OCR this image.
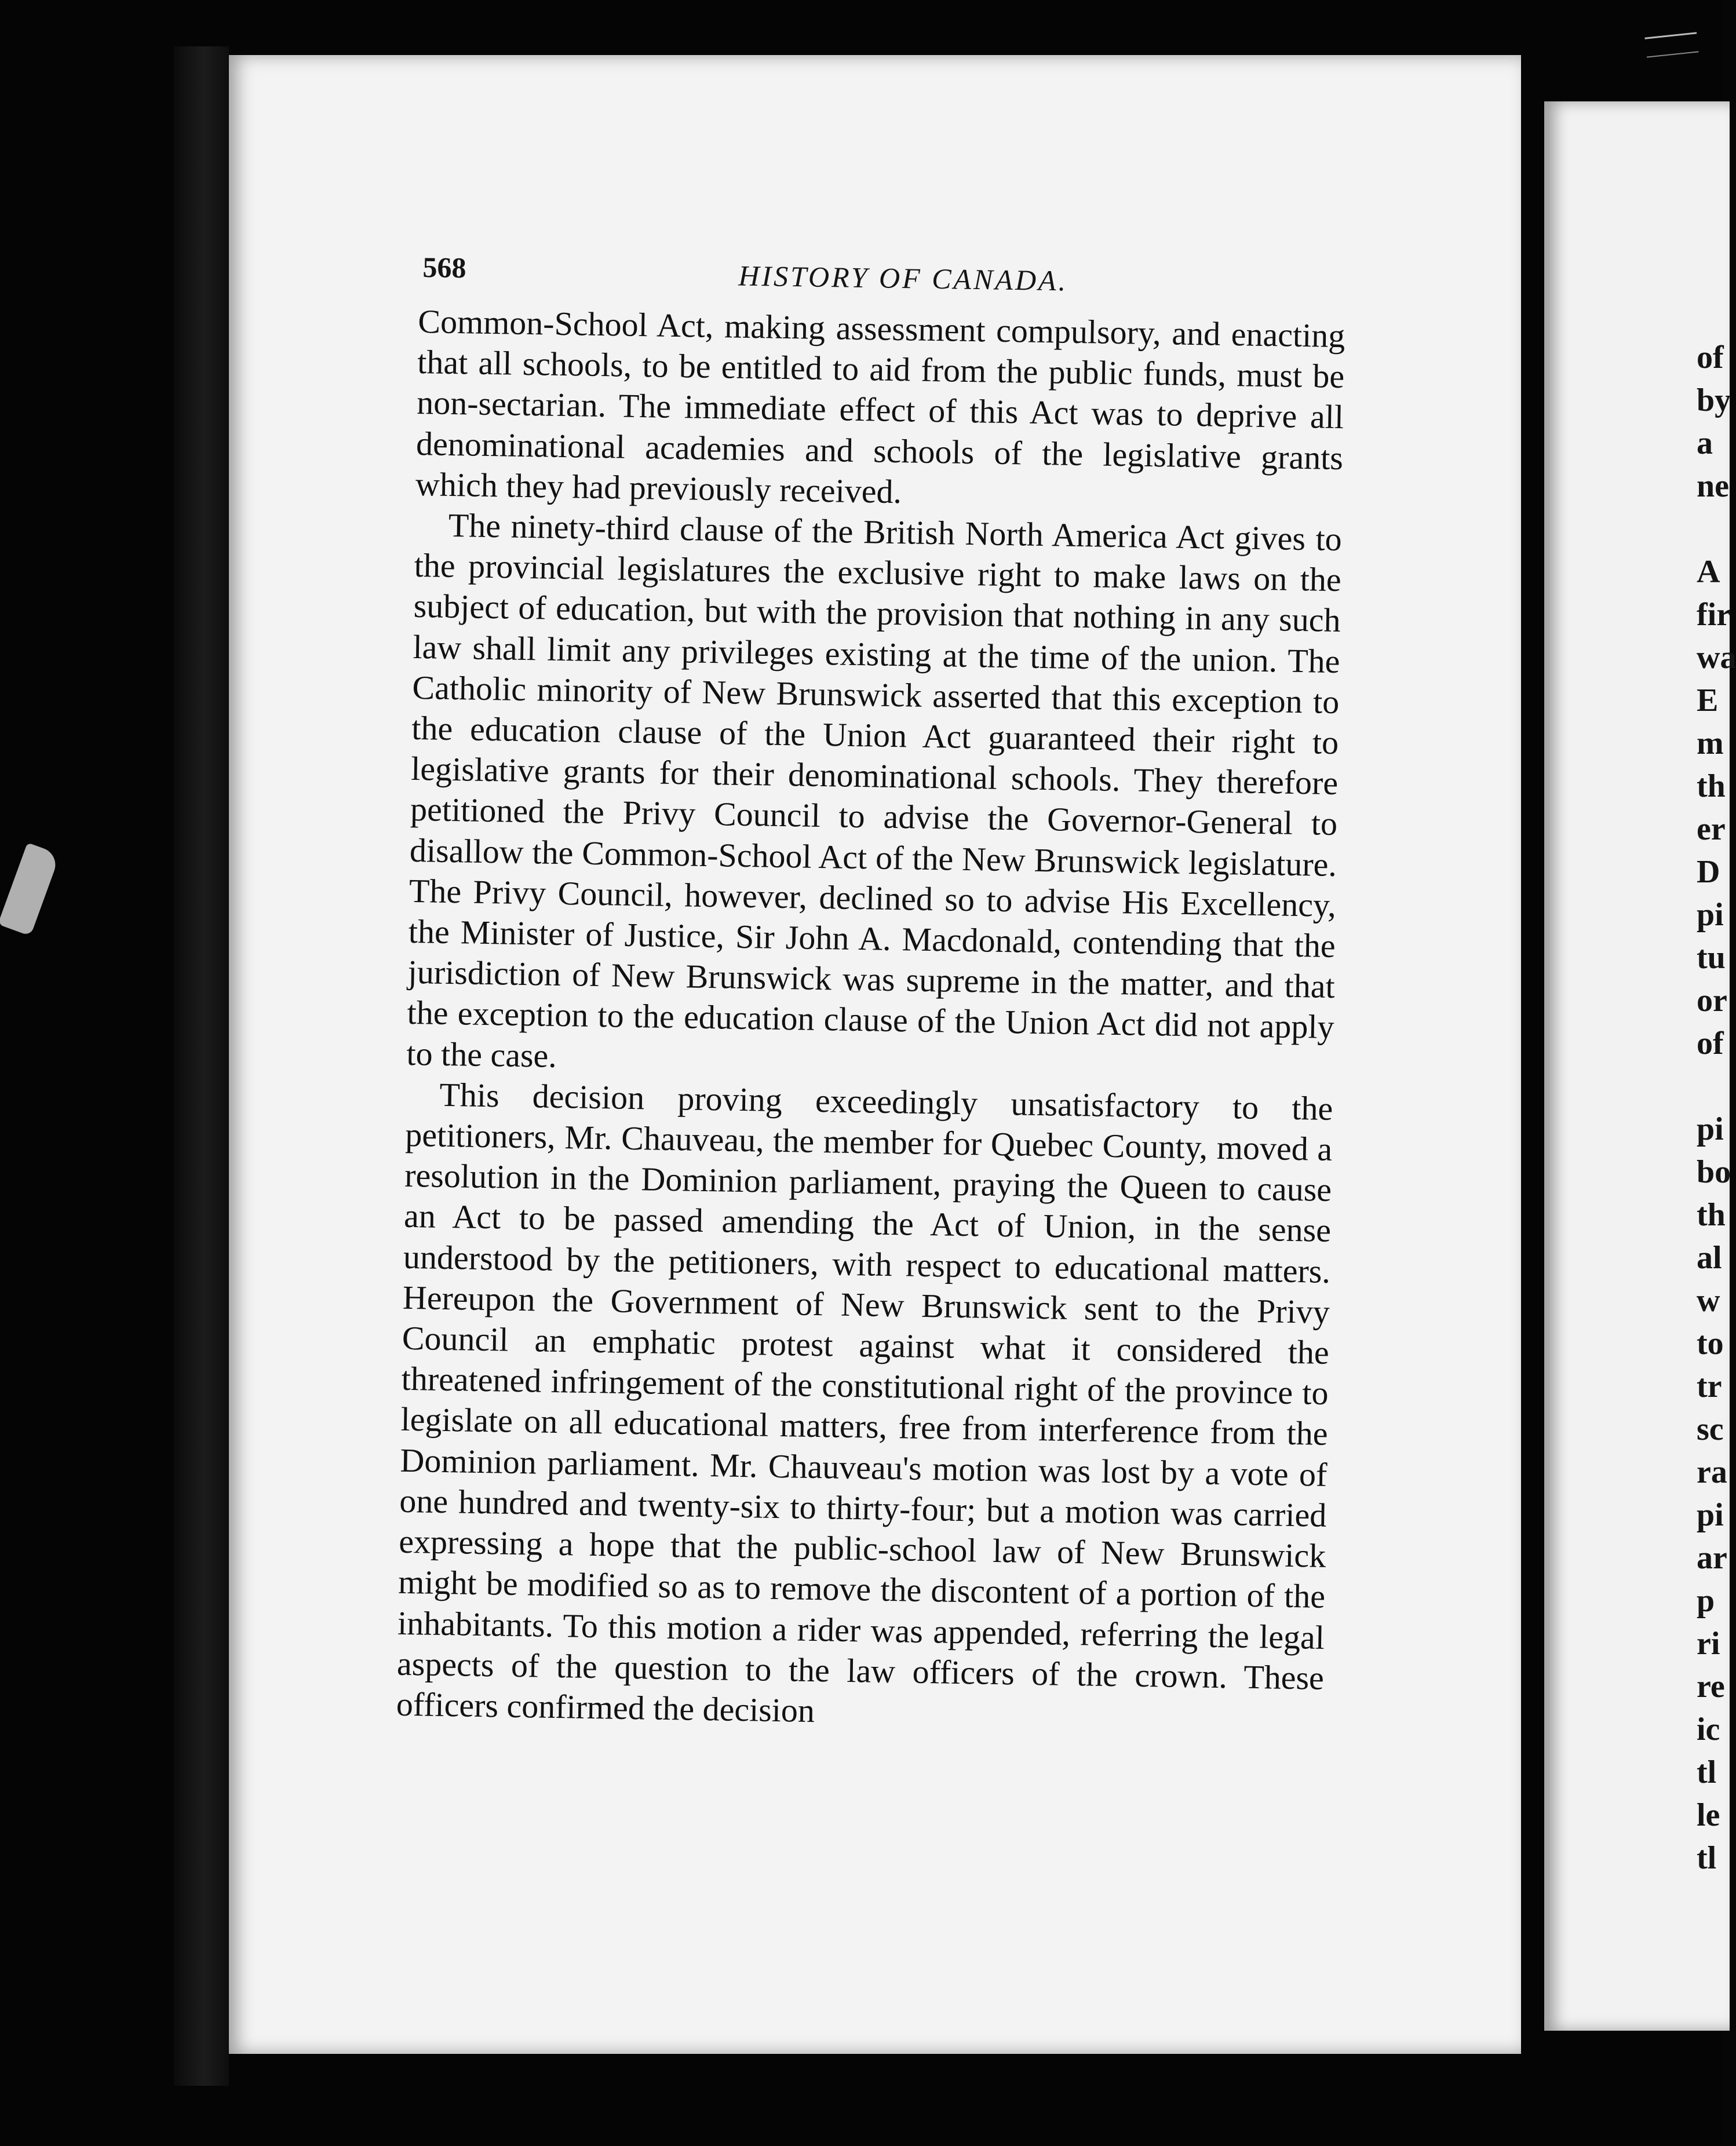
568	HISTORY OF CANADA.

Common-School Act, making assessment compulsory, and enacting that all schools, to be entitled to aid from the public funds, must be non-sectarian. The immediate effect of this Act was to deprive all denominational academies and schools of the legislative grants which they had previously received.

The ninety-third clause of the British North America Act gives to the provincial legislatures the exclusive right to make laws on the subject of education, but with the provision that nothing in any such law shall limit any privileges existing at the time of the union. The Catholic minority of New Brunswick asserted that this exception to the education clause of the Union Act guaranteed their right to legislative grants for their denominational schools. They therefore petitioned the Privy Council to advise the Governor-General to disallow the Common-School Act of the New Brunswick legislature. The Privy Council, however, declined so to advise His Excellency, the Minister of Justice, Sir John A. Macdonald, contending that the jurisdiction of New Brunswick was supreme in the matter, and that the exception to the education clause of the Union Act did not apply to the case.

This decision proving exceedingly unsatisfactory to the petitioners, Mr. Chauveau, the member for Quebec County, moved a resolution in the Dominion parliament, praying the Queen to cause an Act to be passed amending the Act of Union, in the sense understood by the petitioners, with respect to educational matters. Hereupon the Government of New Brunswick sent to the Privy Council an emphatic protest against what it considered the threatened infringement of the constitutional right of the province to legislate on all educational matters, free from interference from the Dominion parliament. Mr. Chauveau's motion was lost by a vote of one hundred and twenty-six to thirty-four; but a motion was carried expressing a hope that the public-school law of New Brunswick might be modified so as to remove the discontent of a portion of the inhabitants. To this motion a rider was appended, referring the legal aspects of the question to the law officers of the crown. These officers confirmed the decision

of
by
a
ne
A
fir
wa
E
m
th
er
D
pi
tu
or
of
pi
bo
th
al
w
to
tr
sc
ra
pi
ar
p
ri
re
ic
tl
le
tl
